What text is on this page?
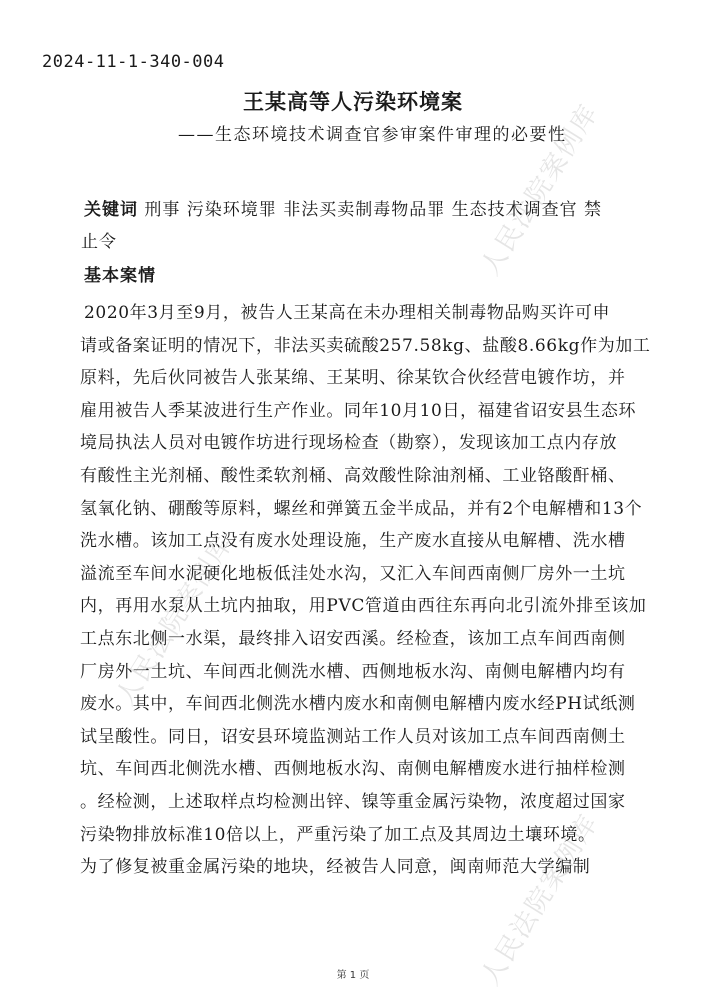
人民法院案例库
人民法院案例库
人民法院案例库
2024-11-1-340-004
王某高等人污染环境案
——生态环境技术调查官参审案件审理的必要性
关键词 刑事 污染环境罪 非法买卖制毒物品罪 生态技术调查官 禁
止令
基本案情
2020年3月至9月，被告人王某高在未办理相关制毒物品购买许可申
请或备案证明的情况下，非法买卖硫酸257.58kg、盐酸8.66kg作为加工
原料，先后伙同被告人张某绵、王某明、徐某钦合伙经营电镀作坊，并
雇用被告人季某波进行生产作业。同年10月10日，福建省诏安县生态环
境局执法人员对电镀作坊进行现场检查（勘察），发现该加工点内存放
有酸性主光剂桶、酸性柔软剂桶、高效酸性除油剂桶、工业铬酸酐桶、
氢氧化钠、硼酸等原料，螺丝和弹簧五金半成品，并有2个电解槽和13个
洗水槽。该加工点没有废水处理设施，生产废水直接从电解槽、洗水槽
溢流至车间水泥硬化地板低洼处水沟，又汇入车间西南侧厂房外一土坑
内，再用水泵从土坑内抽取，用PVC管道由西往东再向北引流外排至该加
工点东北侧一水渠，最终排入诏安西溪。经检查，该加工点车间西南侧
厂房外一土坑、车间西北侧洗水槽、西侧地板水沟、南侧电解槽内均有
废水。其中，车间西北侧洗水槽内废水和南侧电解槽内废水经PH试纸测
试呈酸性。同日，诏安县环境监测站工作人员对该加工点车间西南侧土
坑、车间西北侧洗水槽、西侧地板水沟、南侧电解槽废水进行抽样检测
。经检测，上述取样点均检测出锌、镍等重金属污染物，浓度超过国家
污染物排放标准10倍以上，严重污染了加工点及其周边土壤环境。
为了修复被重金属污染的地块，经被告人同意，闽南师范大学编制
第 1 页
